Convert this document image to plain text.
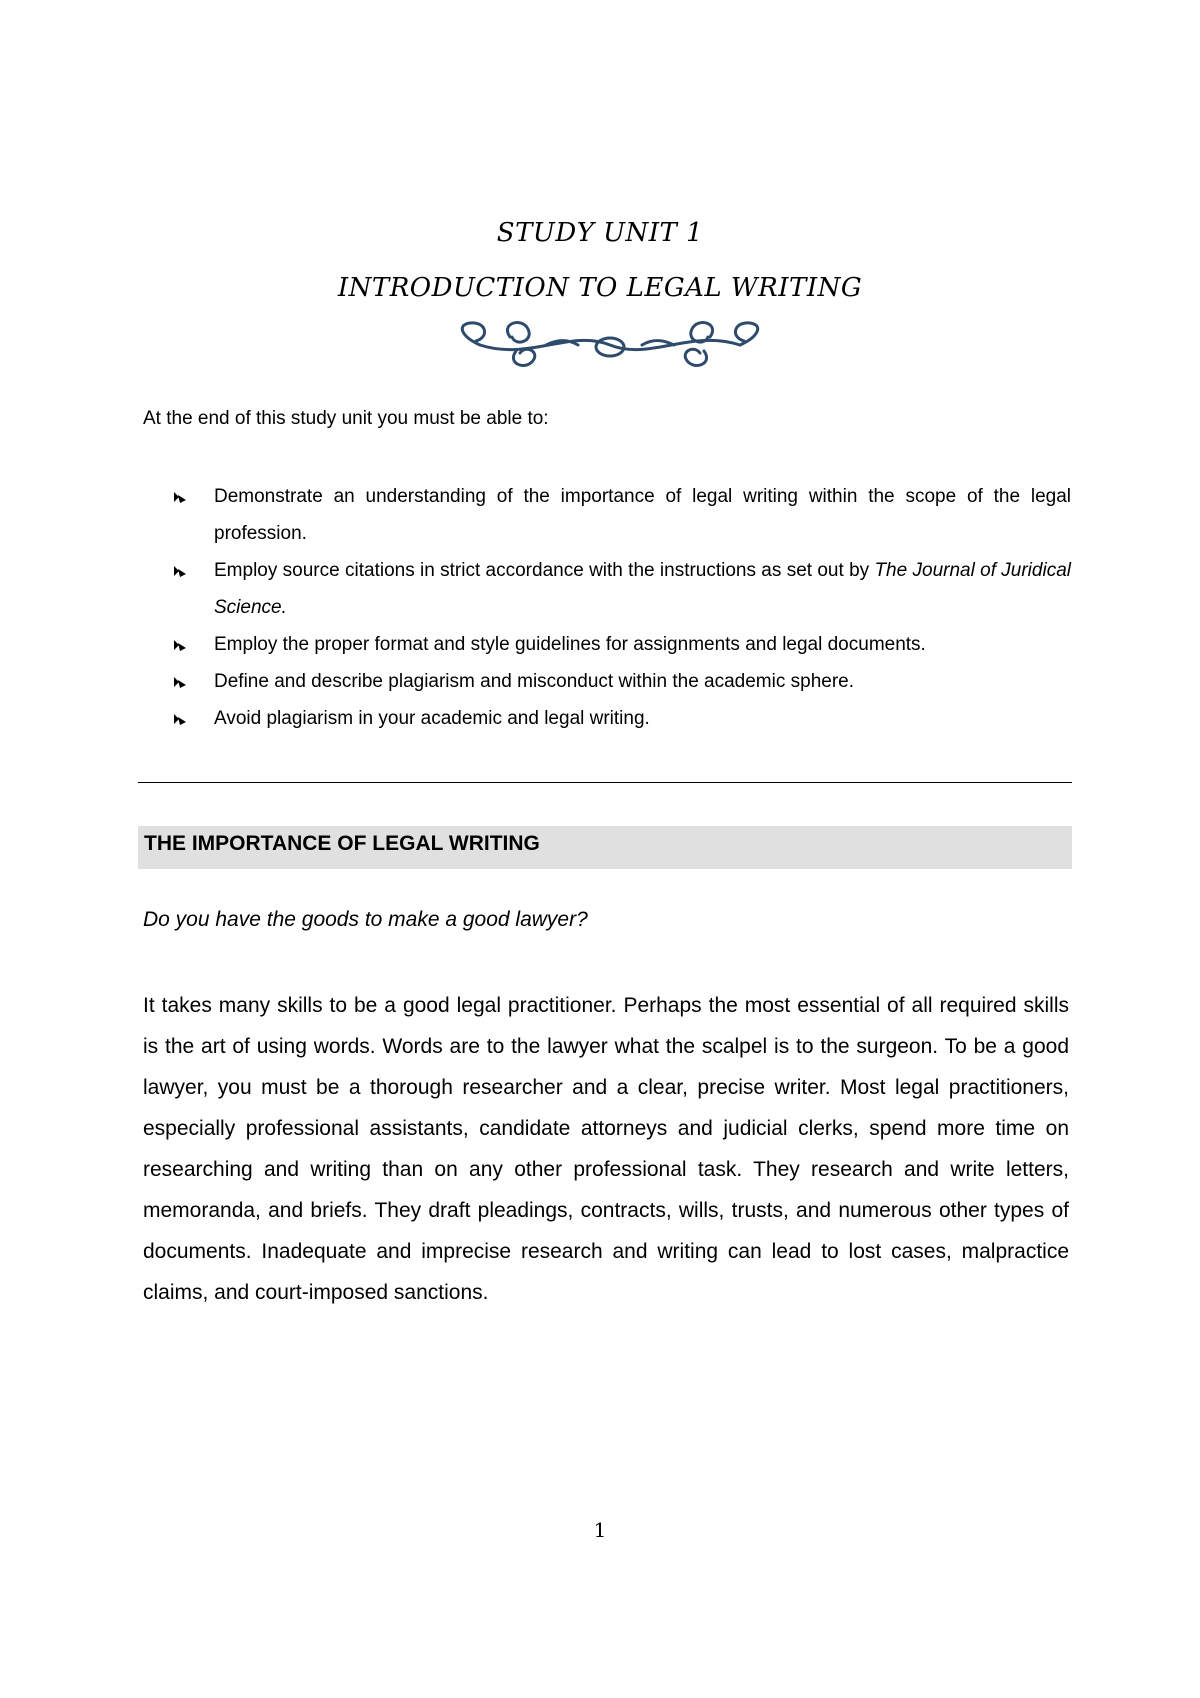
STUDY UNIT 1
INTRODUCTION TO LEGAL WRITING
At the end of this study unit you must be able to:
Demonstrate an understanding of the importance of legal writing within the scope of the legal profession.
Employ source citations in strict accordance with the instructions as set out by The Journal of Juridical Science.
Employ the proper format and style guidelines for assignments and legal documents.
Define and describe plagiarism and misconduct within the academic sphere.
Avoid plagiarism in your academic and legal writing.
THE IMPORTANCE OF LEGAL WRITING
Do you have the goods to make a good lawyer?

It takes many skills to be a good legal practitioner. Perhaps the most essential of all required skills is the art of using words. Words are to the lawyer what the scalpel is to the surgeon. To be a good lawyer, you must be a thorough researcher and a clear, precise writer. Most legal practitioners, especially professional assistants, candidate attorneys and judicial clerks, spend more time on researching and writing than on any other professional task. They research and write letters, memoranda, and briefs. They draft pleadings, contracts, wills, trusts, and numerous other types of documents. Inadequate and imprecise research and writing can lead to lost cases, malpractice claims, and court-imposed sanctions.

1
